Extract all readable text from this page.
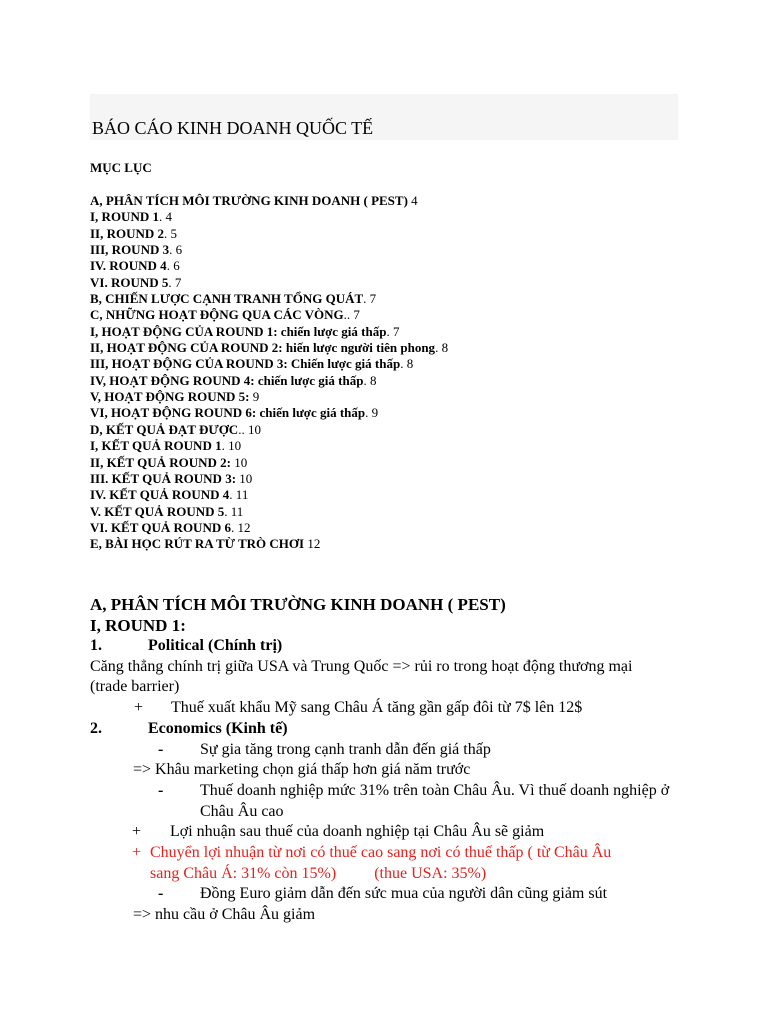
BÁO CÁO KINH DOANH QUỐC TẾ
MỤC LỤC
A, PHÂN TÍCH MÔI TRƯỜNG KINH DOANH ( PEST) 4
I, ROUND 1. 4
II, ROUND 2. 5
III, ROUND 3. 6
IV. ROUND 4. 6
VI. ROUND 5. 7
B, CHIẾN LƯỢC CẠNH TRANH TỔNG QUÁT. 7
C, NHỮNG HOẠT ĐỘNG QUA CÁC VÒNG.. 7
I, HOẠT ĐỘNG CỦA ROUND 1: chiến lược giá thấp. 7
II, HOẠT ĐỘNG CỦA ROUND 2: hiến lược người tiên phong. 8
III, HOẠT ĐỘNG CỦA ROUND 3: Chiến lược giá thấp. 8
IV, HOẠT ĐỘNG ROUND 4: chiến lược giá thấp. 8
V, HOẠT ĐỘNG ROUND 5: 9
VI, HOẠT ĐỘNG ROUND 6: chiến lược giá thấp. 9
D, KẾT QUẢ ĐẠT ĐƯỢC.. 10
I, KẾT QUẢ ROUND 1. 10
II, KẾT QUẢ ROUND 2: 10
III. KẾT QUẢ ROUND 3: 10
IV. KẾT QUẢ ROUND 4. 11
V. KẾT QUẢ ROUND 5. 11
VI. KẾT QUẢ ROUND 6. 12
E, BÀI HỌC RÚT RA TỪ TRÒ CHƠI 12
A, PHÂN TÍCH MÔI TRƯỜNG KINH DOANH ( PEST)
I, ROUND 1:
1.	Political (Chính trị)
Căng thẳng chính trị giữa USA và Trung Quốc => rủi ro trong hoạt động thương mại (trade barrier)
+ Thuế xuất khẩu Mỹ sang Châu Á tăng gần gấp đôi từ 7$ lên 12$
2.	Economics (Kinh tế)
- Sự gia tăng trong cạnh tranh dẫn đến giá thấp
=> Khâu marketing chọn giá thấp hơn giá năm trước
- Thuế doanh nghiệp mức 31% trên toàn Châu Âu. Vì thuế doanh nghiệp ở Châu Âu cao
+ Lợi nhuận sau thuế của doanh nghiệp tại Châu Âu sẽ giảm
+ Chuyển lợi nhuận từ nơi có thuế cao sang nơi có thuế thấp ( từ Châu Âu
sang Châu Á: 31% còn 15%) (thue USA: 35%)
- Đồng Euro giảm dẫn đến sức mua của người dân cũng giảm sút
=> nhu cầu ở Châu Âu giảm
